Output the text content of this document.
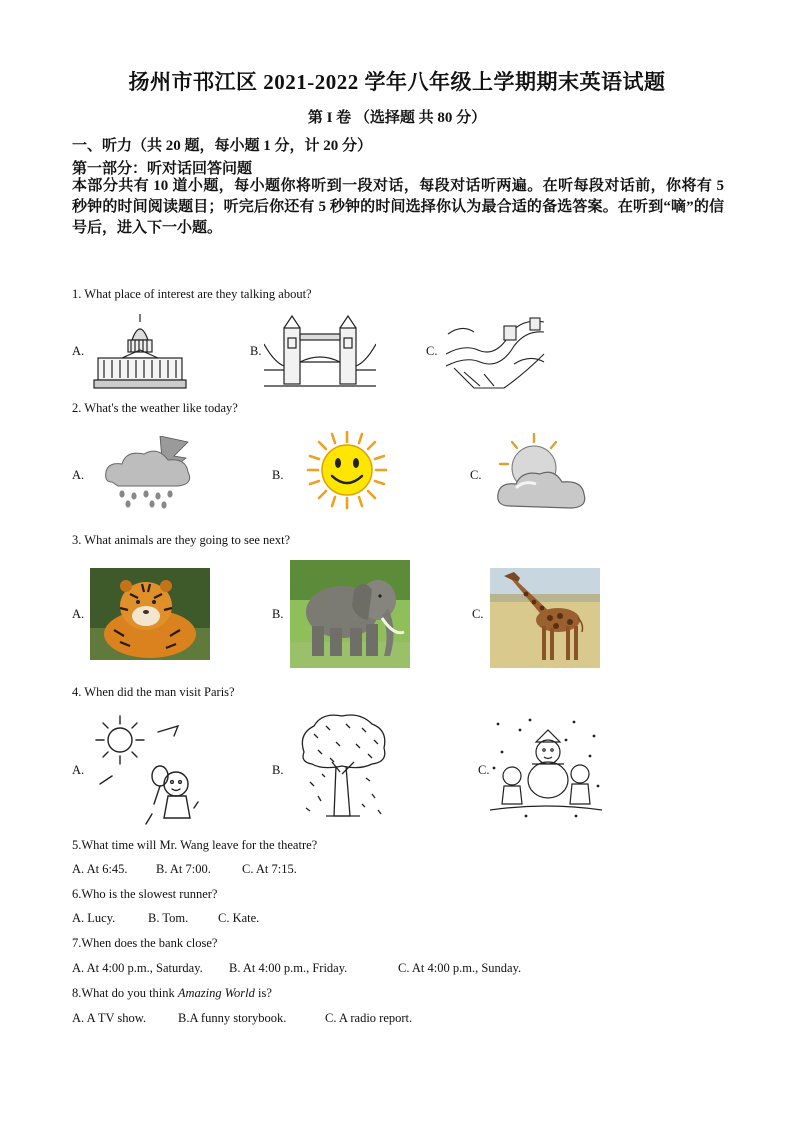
扬州市邗江区 2021-2022 学年八年级上学期期末英语试题
第 I 卷 （选择题 共 80 分）
一、听力（共 20 题，每小题 1 分，计 20 分）
第一部分：听对话回答问题
本部分共有 10 道小题，每小题你将听到一段对话，每段对话听两遍。在听每段对话前，你将有 5 秒钟的时间阅读题目；听完后你还有 5 秒钟的时间选择你认为最合适的备选答案。在听到“嘀”的信号后，进入下一小题。
1. What place of interest are they talking about?
A.	B.	C.
2. What's the weather like today?
A.	B.	C.
3. What animals are they going to see next?
A.	B.	C.
4. When did the man visit Paris?
A.	B.	C.
5.What time will Mr. Wang leave for the theatre?
A. At 6:45. B. At 7:00. C. At 7:15.
6.Who is the slowest runner?
A. Lucy.	B. Tom. C. Kate.
7.When does the bank close?
A. At 4:00 p.m., Saturday. B. At 4:00 p.m., Friday.	C. At 4:00 p.m., Sunday.
8.What do you think Amazing World is?
A. A TV show.	B.A funny storybook.	C. A radio report.
